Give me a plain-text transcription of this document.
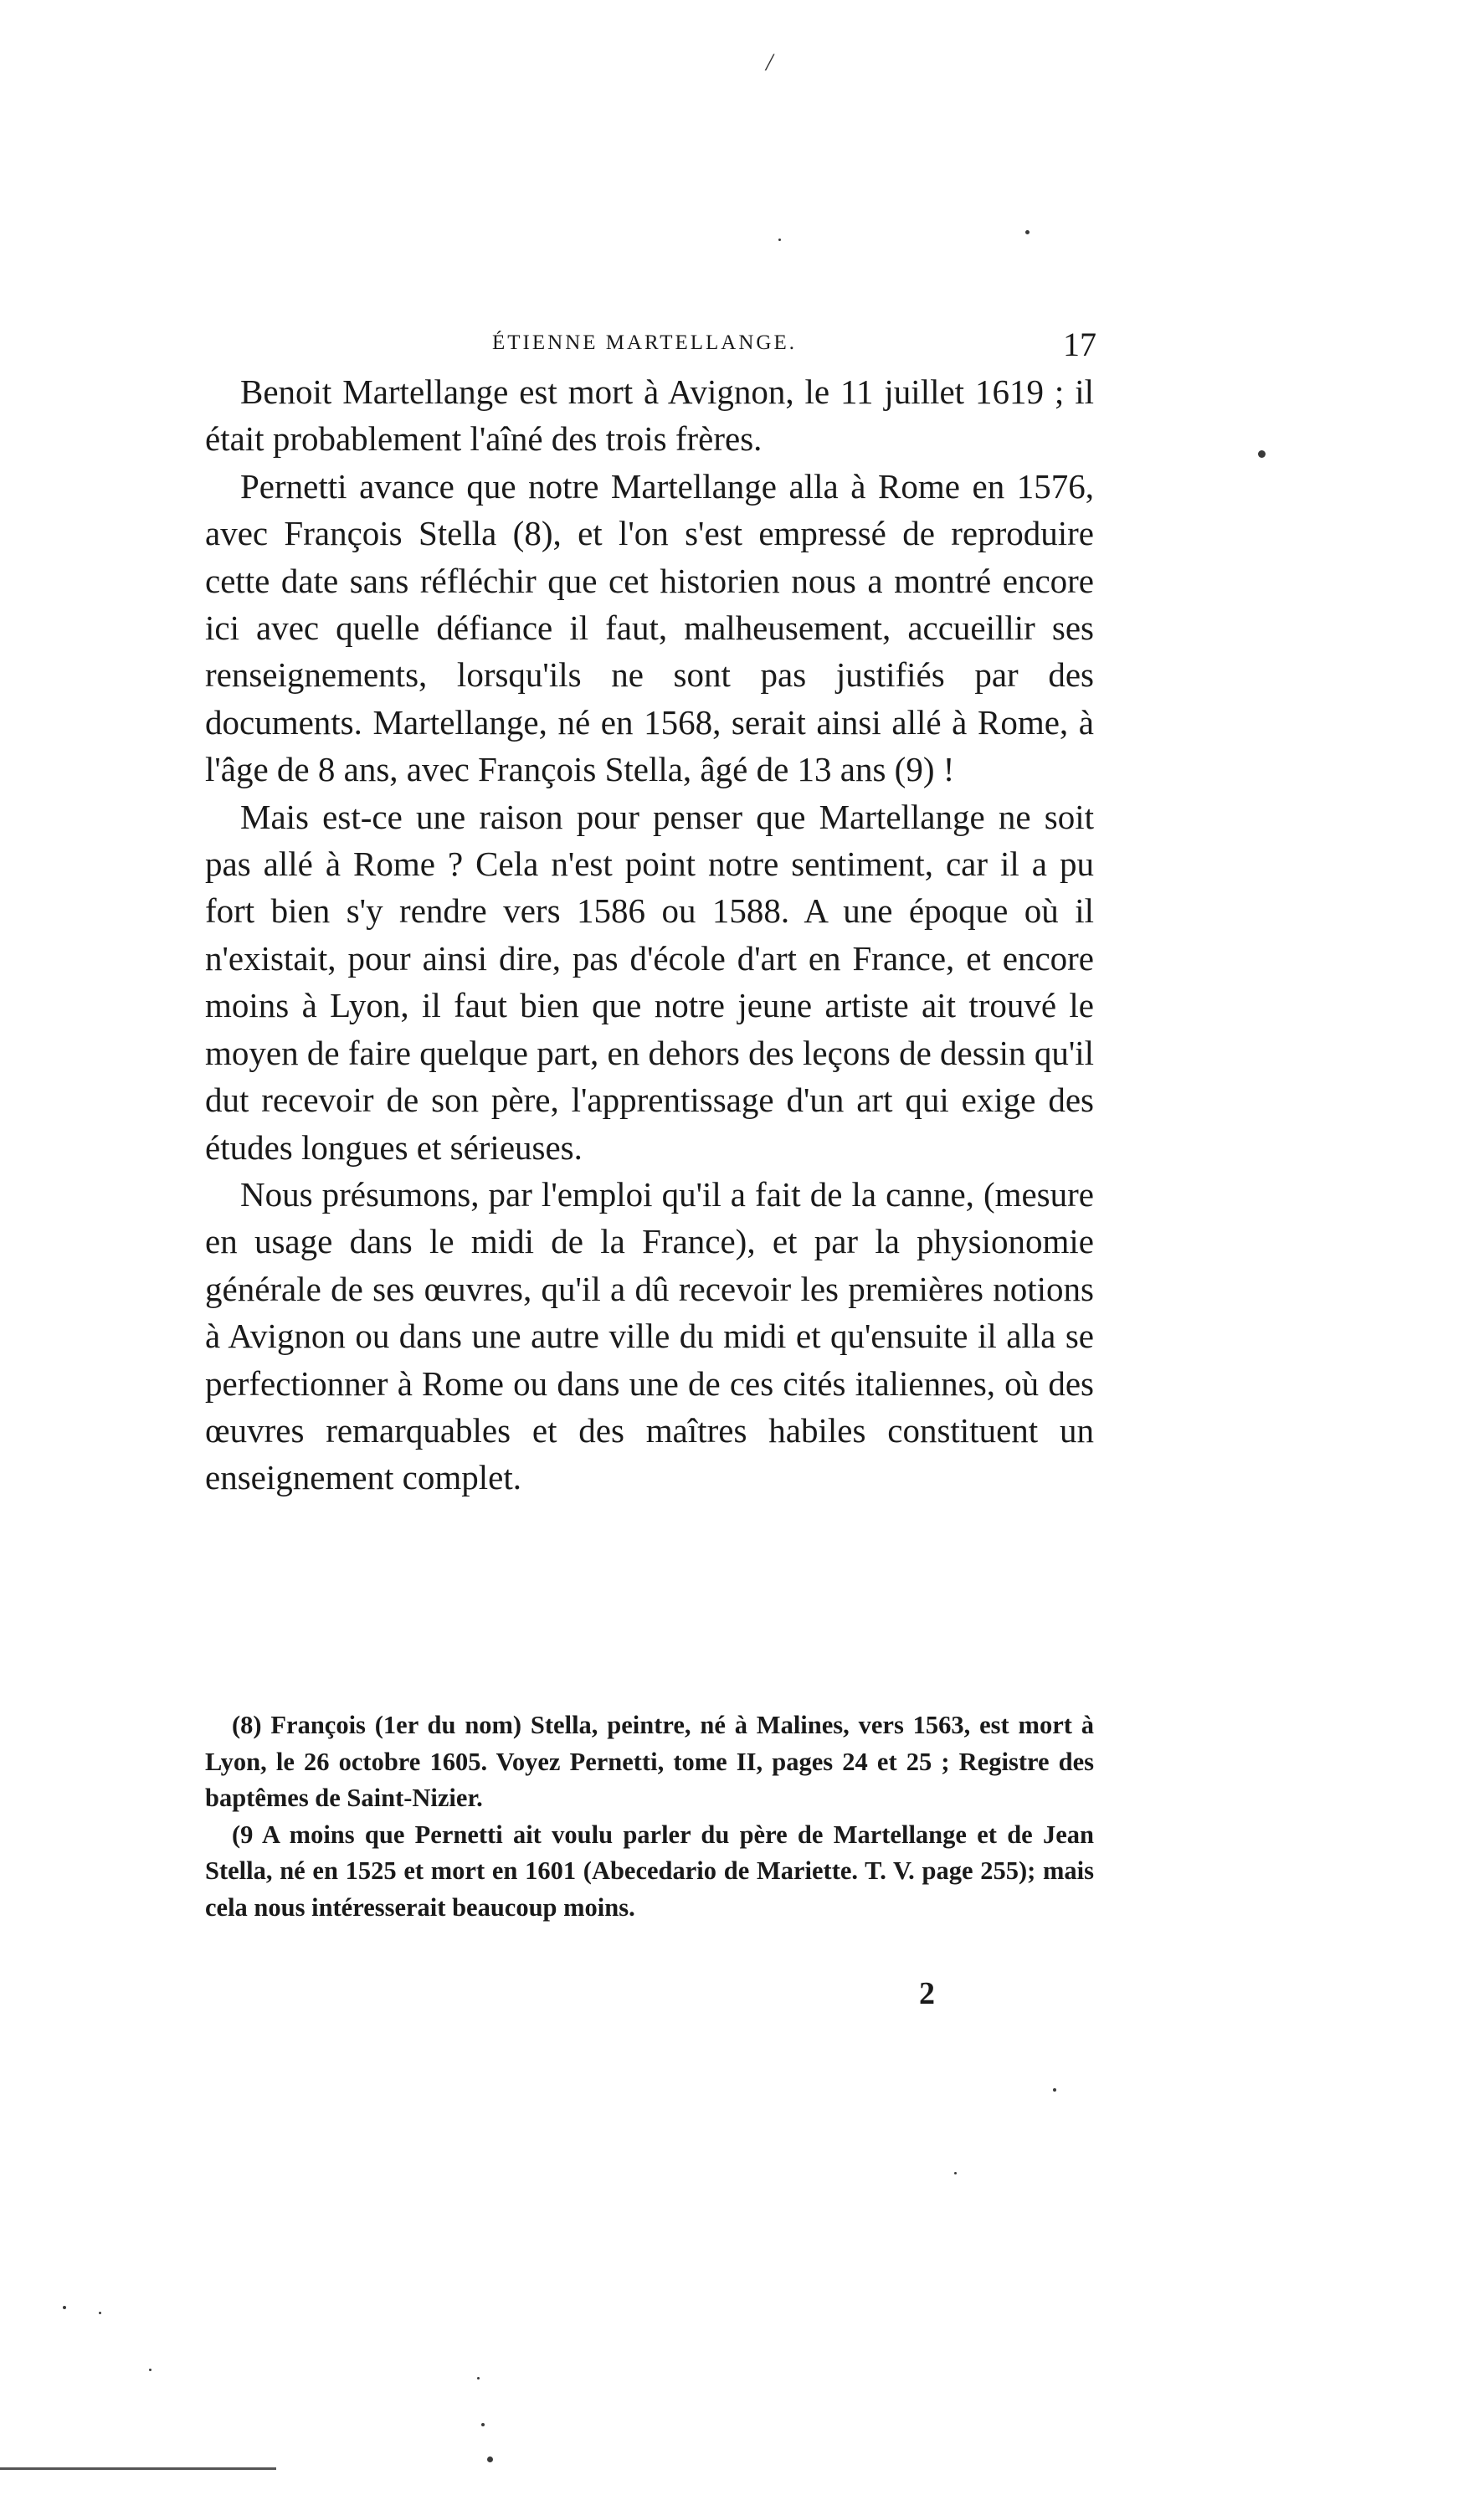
/
ÉTIENNE MARTELLANGE.	17

Benoit Martellange est mort à Avignon, le 11 juillet 1619 ; il était probablement l'aîné des trois frères.

Pernetti avance que notre Martellange alla à Rome en 1576, avec François Stella (8), et l'on s'est empressé de reproduire cette date sans réfléchir que cet historien nous a montré encore ici avec quelle défiance il faut, malheusement, accueillir ses renseignements, lorsqu'ils ne sont pas justifiés par des documents. Martellange, né en 1568, serait ainsi allé à Rome, à l'âge de 8 ans, avec François Stella, âgé de 13 ans (9) !

Mais est-ce une raison pour penser que Martellange ne soit pas allé à Rome ? Cela n'est point notre sentiment, car il a pu fort bien s'y rendre vers 1586 ou 1588. A une époque où il n'existait, pour ainsi dire, pas d'école d'art en France, et encore moins à Lyon, il faut bien que notre jeune artiste ait trouvé le moyen de faire quelque part, en dehors des leçons de dessin qu'il dut recevoir de son père, l'apprentissage d'un art qui exige des études longues et sérieuses.

Nous présumons, par l'emploi qu'il a fait de la canne, (mesure en usage dans le midi de la France), et par la physionomie générale de ses œuvres, qu'il a dû recevoir les premières notions à Avignon ou dans une autre ville du midi et qu'ensuite il alla se perfectionner à Rome ou dans une de ces cités italiennes, où des œuvres remarquables et des maîtres habiles constituent un enseignement complet.

(8) François (1er du nom) Stella, peintre, né à Malines, vers 1563, est mort à Lyon, le 26 octobre 1605. Voyez Pernetti, tome II, pages 24 et 25 ; Registre des baptêmes de Saint-Nizier.

(9 A moins que Pernetti ait voulu parler du père de Martellange et de Jean Stella, né en 1525 et mort en 1601 (Abecedario de Mariette. T. V. page 255); mais cela nous intéresserait beaucoup moins.

2
